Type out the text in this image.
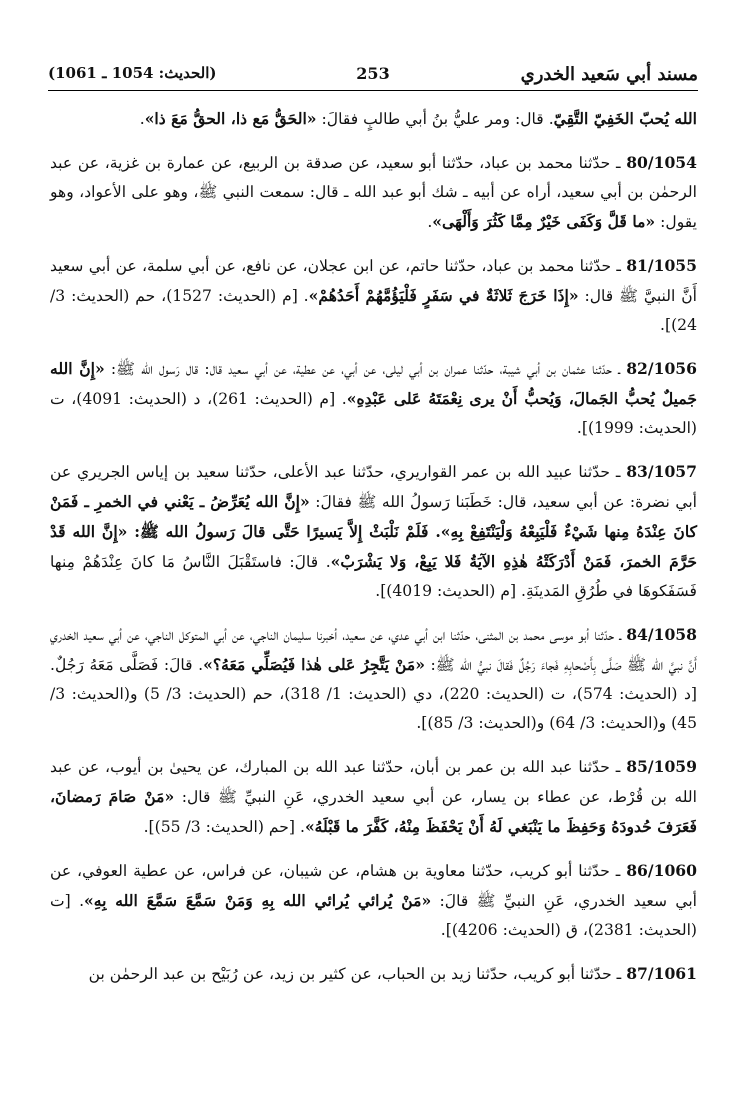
مسند أبي سَعيد الخدري
253
(الحديث: 1054 ـ 1061)

الله يُحبّ الخَفِيّ التَّقِيّ. قال: ومر عليُّ بنُ أبي طالبٍ فقالَ: «الحَقُّ مَع ذا، الحقُّ مَعَ ذا».

80/1054 ـ حدّثنا محمد بن عباد، حدّثنا أبو سعيد، عن صدقة بن الربيع، عن عمارة بن غزية، عن عبد الرحمٰن بن أبي سعيد، أراه عن أبيه ـ شك أبو عبد الله ـ قال: سمعت النبي ﷺ، وهو على الأعواد، وهو يقول: «ما قَلَّ وَكَفَى خَيْرٌ مِمَّا كَثُرَ وَأَلْهَى».

81/1055 ـ حدّثنا محمد بن عباد، حدّثنا حاتم، عن ابن عجلان، عن نافع، عن أبي سلمة، عن أبي سعيد أَنَّ النبيَّ ﷺ قال: «إِذَا خَرَجَ ثَلاثَةٌ في سَفَرٍ فَلْيَؤُمَّهُمْ أَحَدُهُمْ». [م (الحديث: 1527)، حم (الحديث: 3/ 24)].

82/1056 ـ حدّثنا عثمان بن أبي شيبة، حدّثنا عمران بن أبي ليلى، عن أبي، عن عطية، عن أبي سعيد قال: قال رَسول الله ﷺ: «إِنَّ الله جَميلٌ يُحبُّ الجَمالَ، وَيُحبُّ أَنْ يرى نِعْمَتَهُ عَلى عَبْدِهِ». [م (الحديث: 261)، د (الحديث: 4091)، ت (الحديث: 1999)].

83/1057 ـ حدّثنا عبيد الله بن عمر القواريري، حدّثنا عبد الأعلى، حدّثنا سعيد بن إياس الجريري عن أبي نضرة: عن أبي سعيد، قال: خَطَبَنا رَسولُ الله ﷺ فقالَ: «إِنَّ الله يُعَرِّضُ ـ يَعْني في الخمرِ ـ فَمَنْ كانَ عِنْدَهُ مِنها شَيْءٌ فَلْيَبِعْهُ وَلْيَنْتَفِعْ بِهِ». فَلَمْ نَلْبَثْ إِلاَّ يَسيرًا حَتَّى قالَ رَسولُ الله ﷺ: «إِنَّ الله قَدْ حَرَّمَ الخمرَ، فَمَنْ أَدْرَكَتْهُ هٰذِهِ الآيَةُ فَلا يَبِعْ، وَلا يَشْرَبْ». قالَ: فاستَقْبَلَ النَّاسُ مَا كانَ عِنْدَهُمْ مِنها فَسَفَكوهَا في طُرُقِ المَدينَةِ. [م (الحديث: 4019)].

84/1058 ـ حدّثنا أبو موسى محمد بن المثنى، حدّثنا ابن أبي عدي، عن سعيد، أخبرنا سليمان الناجي، عن أبي المتوكل الناجي، عن أبي سعيد الخدري أَنَّ نبيَّ الله ﷺ صَلَّى بِأَصْحابِهِ فَجاءَ رَجُلٌ فَقالَ نبيُّ الله ﷺ: «مَنْ يَتَّجِرُ عَلى هٰذا فَيُصَلِّي مَعَهُ؟». قالَ: فَصَلَّى مَعَهُ رَجُلٌ. [د (الحديث: 574)، ت (الحديث: 220)، دي (الحديث: 1/ 318)، حم (الحديث: 3/ 5) و(الحديث: 3/ 45) و(الحديث: 3/ 64) و(الحديث: 3/ 85)].

85/1059 ـ حدّثنا عبد الله بن عمر بن أبان، حدّثنا عبد الله بن المبارك، عن يحيىٰ بن أيوب، عن عبد الله بن قُرْط، عن عطاء بن يسار، عن أبي سعيد الخدري، عَنِ النبيِّ ﷺ قال: «مَنْ صَامَ رَمضانَ، فَعَرَفَ حُدودَهُ وَحَفِظَ ما يَنْبَغي لَهُ أَنْ يَحْفَظَ مِنْهُ، كَفَّرَ ما قَبْلَهُ». [حم (الحديث: 3/ 55)].

86/1060 ـ حدّثنا أبو كريب، حدّثنا معاوية بن هشام، عن شيبان، عن فراس، عن عطية العوفي، عن أبي سعيد الخدري، عَنِ النبيِّ ﷺ قالَ: «مَنْ يُرائي يُرائي الله بِهِ وَمَنْ سَمَّعَ سَمَّعَ الله بِهِ». [ت (الحديث: 2381)، ق (الحديث: 4206)].

87/1061 ـ حدّثنا أبو كريب، حدّثنا زيد بن الحباب، عن كثير بن زيد، عن رُبَيْح بن عبد الرحمٰن بن
